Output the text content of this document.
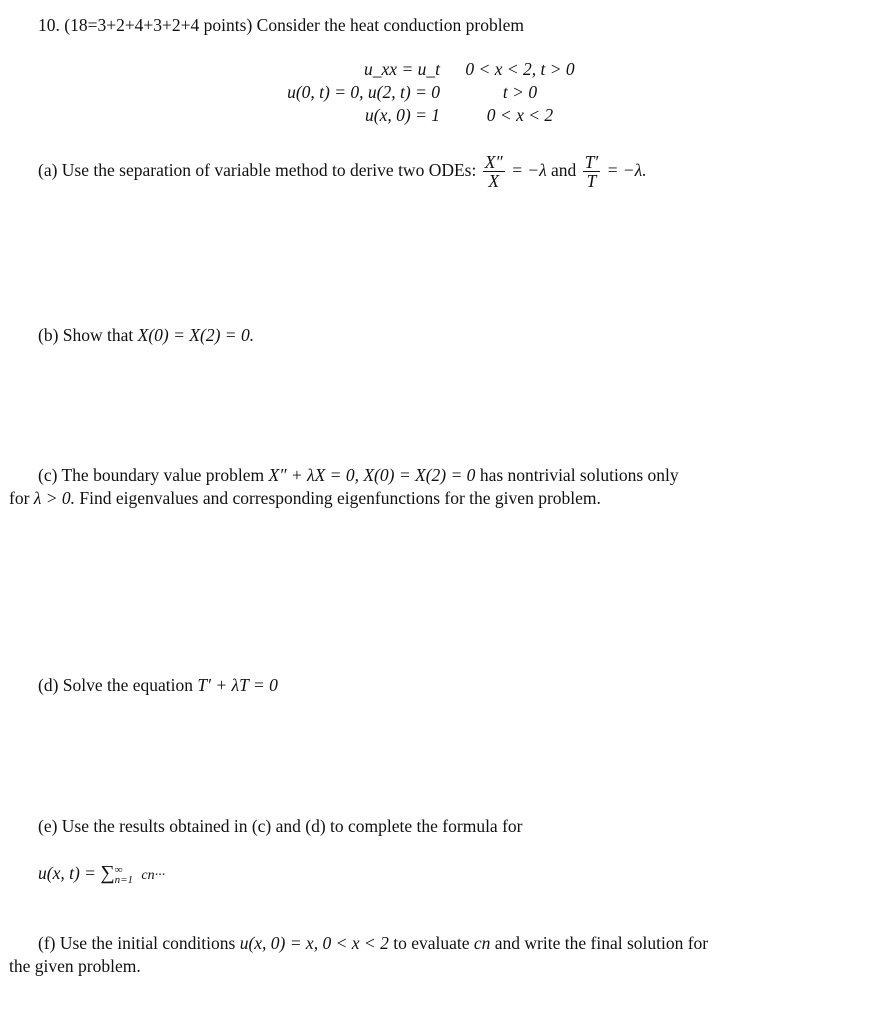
10. (18=3+2+4+3+2+4 points) Consider the heat conduction problem
u_xx = u_t	0 < x < 2, t > 0
u(0, t) = 0, u(2, t) = 0	t > 0
u(x, 0) = 1	0 < x < 2
(a) Use the separation of variable method to derive two ODEs: $\frac{X''}{X} = -\lambda$ and $\frac{T'}{T} = -\lambda$.
(b) Show that X(0) = X(2) = 0.
(c) The boundary value problem X″ + λX = 0, X(0) = X(2) = 0 has nontrivial solutions only
for λ > 0. Find eigenvalues and corresponding eigenfunctions for the given problem.
(d) Solve the equation T′ + λT = 0
(e) Use the results obtained in (c) and (d) to complete the formula for
u(x, t) = ∑ ∞
n=1 cn···
(f) Use the initial conditions u(x, 0) = x, 0 < x < 2 to evaluate cn and write the final solution for
the given problem.
